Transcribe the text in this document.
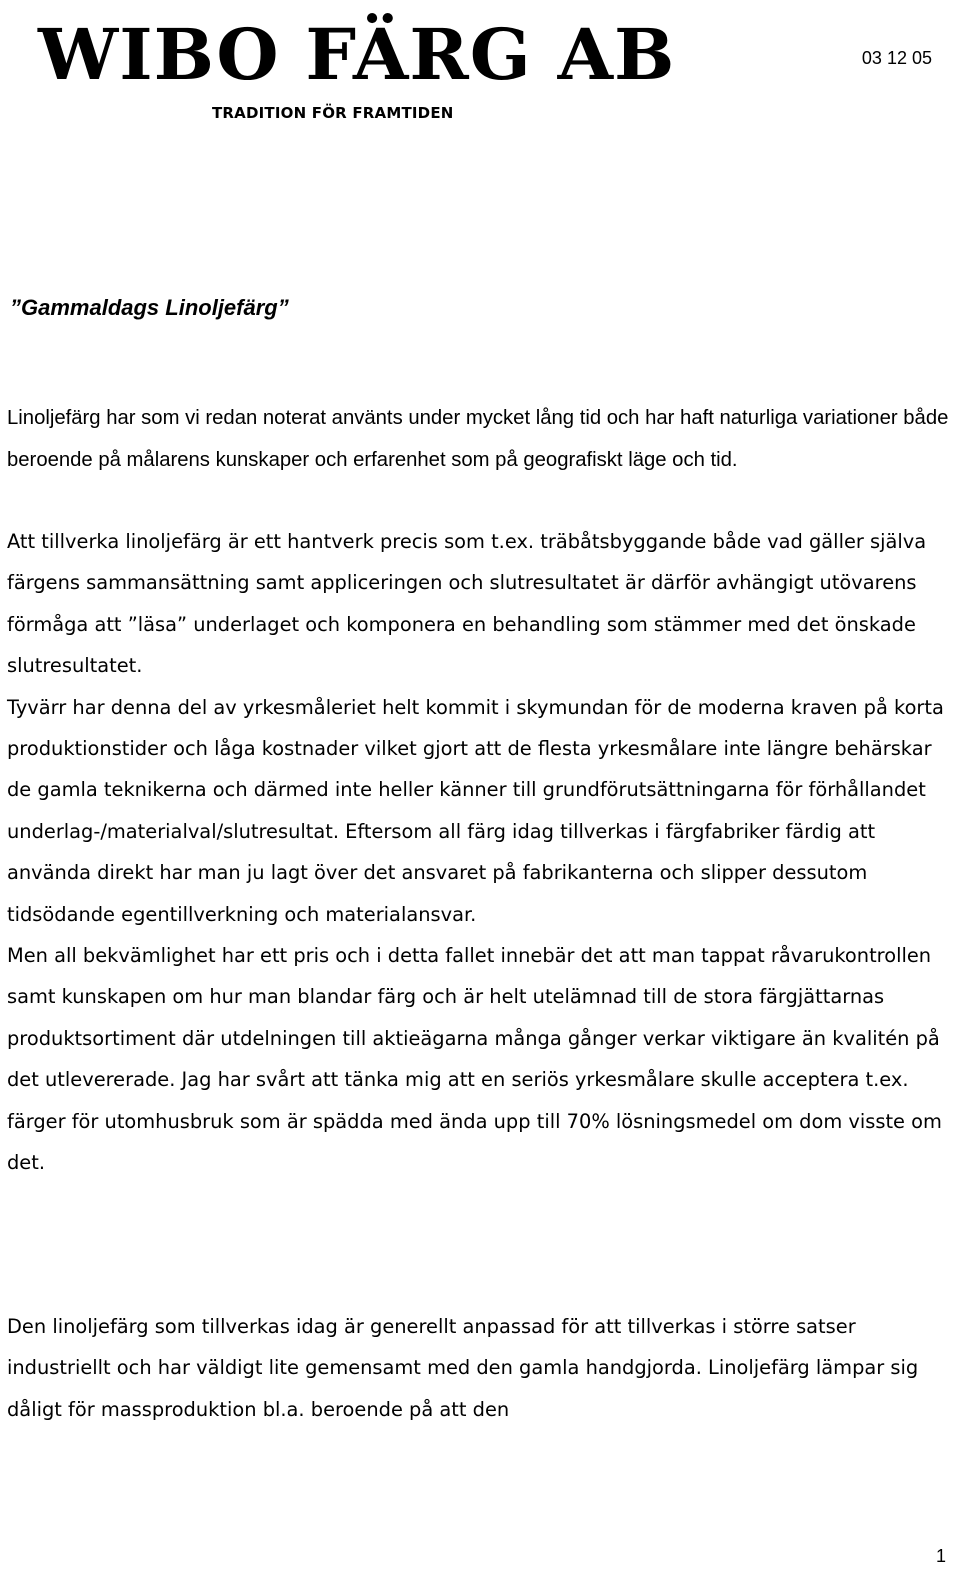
WIBO FÄRG AB
TRADITION FÖR FRAMTIDEN
03 12 05
”Gammaldags Linoljefärg”

Linoljefärg har som vi redan noterat använts under mycket lång tid och har haft naturliga variationer både beroende på målarens kunskaper och erfarenhet som på geografiskt läge och tid.

Att tillverka linoljefärg är ett hantverk precis som t.ex. träbåtsbyggande både vad gäller själva färgens sammansättning samt appliceringen och slutresultatet är därför avhängigt utövarens förmåga att ”läsa” underlaget och komponera en behandling som stämmer med det önskade slutresultatet.

Tyvärr har denna del av yrkesmåleriet helt kommit i skymundan för de moderna kraven på korta produktionstider och låga kostnader vilket gjort att de flesta yrkesmålare inte längre behärskar de gamla teknikerna och därmed inte heller känner till grundförutsättningarna för förhållandet underlag-/materialval/slutresultat. Eftersom all färg idag tillverkas i färgfabriker färdig att använda direkt har man ju lagt över det ansvaret på fabrikanterna och slipper dessutom tidsödande egentillverkning och materialansvar.

Men all bekvämlighet har ett pris och i detta fallet innebär det att man tappat råvarukontrollen samt kunskapen om hur man blandar färg och är helt utelämnad till de stora färgjättarnas produktsortiment där utdelningen till aktieägarna många gånger verkar viktigare än kvalitén på det utlevererade. Jag har svårt att tänka mig att en seriös yrkesmålare skulle acceptera t.ex. färger för utomhusbruk som är spädda med ända upp till 70% lösningsmedel om dom visste om det.

Den linoljefärg som tillverkas idag är generellt anpassad för att tillverkas i större satser industriellt och har väldigt lite gemensamt med den gamla handgjorda. Linoljefärg lämpar sig dåligt för massproduktion bl.a. beroende på att den

1
